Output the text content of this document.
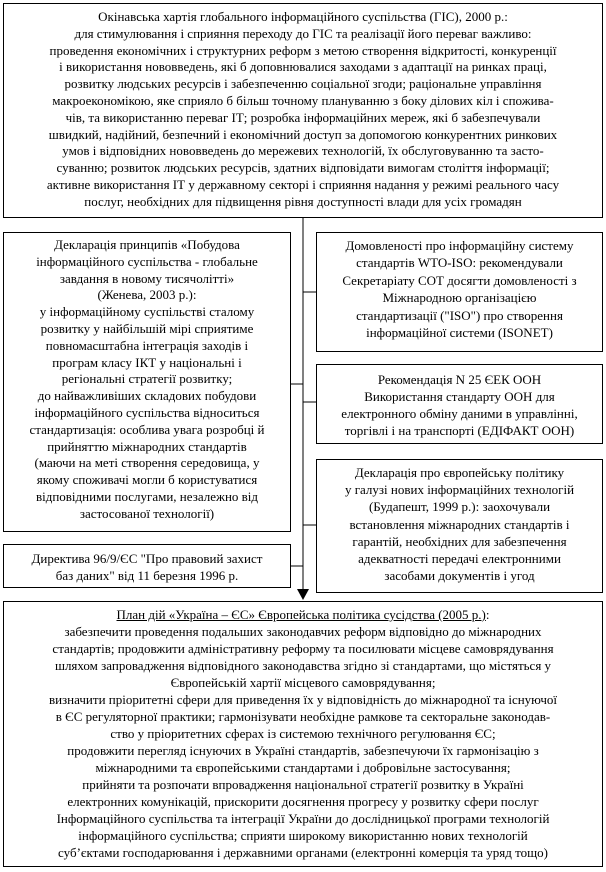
Окінавська хартія глобального інформаційного суспільства (ГІС), 2000 р.:

для стимулювання і сприяння переходу до ГІС та реалізації його переваг важливо:

проведення економічних і структурних реформ з метою створення відкритості, конкуренції

і використання нововведень, які б доповнювалися заходами з адаптації на ринках праці,

розвитку людських ресурсів і забезпеченню соціальної згоди; раціональне управління

макроекономікою, яке сприяло б більш точному плануванню з боку ділових кіл і спожива-

чів, та використанню переваг ІТ; розробка інформаційних мереж, які б забезпечували

швидкий, надійний, безпечний і економічний доступ за допомогою конкурентних ринкових

умов і відповідних нововведень до мережевих технологій, їх обслуговуванню та засто-

суванню; розвиток людських ресурсів, здатних відповідати вимогам століття інформації;

активне використання ІТ у державному секторі і сприяння надання у режимі реального часу

послуг, необхідних для підвищення рівня доступності влади для усіх громадян

Декларація принципів «Побудова

інформаційного суспільства - глобальне

завдання в новому тисячолітті»

(Женева, 2003 р.):

у інформаційному суспільстві сталому

розвитку у найбільшій мірі сприятиме

повномасштабна інтеграція заходів і

програм класу ІКТ у національні і

регіональні стратегії розвитку;

до найважливіших складових побудови

інформаційного суспільства відноситься

стандартизація: особлива увага розробці й

прийняттю міжнародних стандартів

(маючи на меті створення середовища, у

якому споживачі могли б користуватися

відповідними послугами, незалежно від

застосованої технології)

Директива 96/9/ЄС "Про правовий захист

баз даних" від 11 березня 1996 р.

Домовленості про інформаційну систему

стандартів WTO-ISO: рекомендували

Секретаріату СОТ досягти домовленості з

Міжнародною організацією

стандартизації ("ISO") про створення

інформаційної системи (ISONET)

Рекомендація N 25 ЄЕК ООН

Використання стандарту ООН для

електронного обміну даними в управлінні,

торгівлі і на транспорті (ЕДІФАКТ ООН)

Декларація про європейську політику

у галузі нових інформаційних технологій

(Будапешт, 1999 р.): заохочували

встановлення міжнародних стандартів і

гарантій, необхідних для забезпечення

адекватності передачі електронними

засобами документів і угод

План дій «Україна – ЄС» Європейська політика сусідства (2005 р.):

забезпечити проведення подальших законодавчих реформ відповідно до міжнародних

стандартів; продовжити адміністративну реформу та посилювати місцеве самоврядування

шляхом запровадження відповідного законодавства згідно зі стандартами, що містяться у

Європейській хартії місцевого самоврядування;

визначити пріоритетні сфери для приведення їх у відповідність до міжнародної та існуючої

в ЄС регуляторної практики; гармонізувати необхідне рамкове та секторальне законодав-

ство у пріоритетних сферах із системою технічного регулювання ЄС;

продовжити перегляд існуючих в Україні стандартів, забезпечуючи їх гармонізацію з

міжнародними та європейськими стандартами і добровільне застосування;

прийняти та розпочати впровадження національної стратегії розвитку в Україні

електронних комунікацій, прискорити досягнення прогресу у розвитку сфери послуг

Інформаційного суспільства та інтеграції України до дослідницької програми технологій

інформаційного суспільства; сприяти широкому використанню нових технологій

суб’єктами господарювання і державними органами (електронні комерція та уряд тощо)
